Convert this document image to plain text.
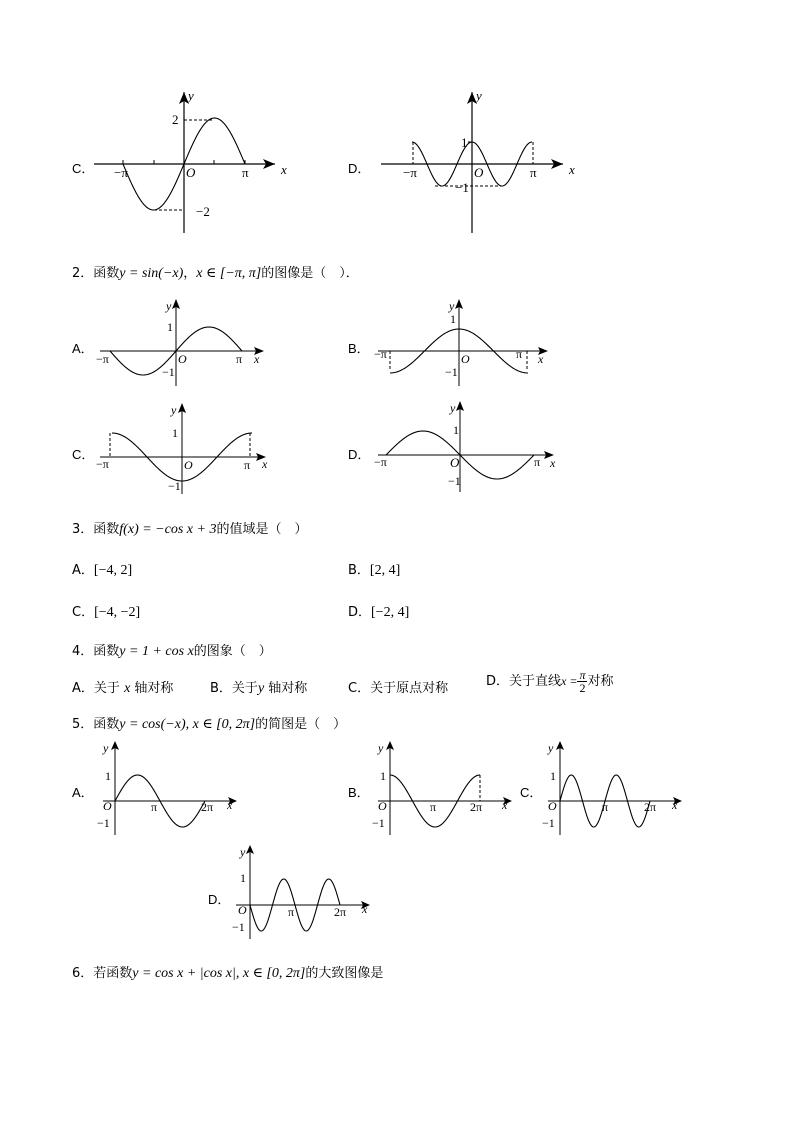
C．
y
x
O
2
−2
−π	π	D．
y
x
O
1
−1
−π	π
2．函数y = sin(−x)，x ∈ [−π, π]的图像是（　）．
A．
y
x
O
1
−1
−π	π
B．
y
x
O
1
−1
−π	π
C．
y
x
O
1
−1
−π	π
D．
y
x
O
1
−1
−π	π
3．函数f(x) = −cos x + 3的值域是（　）
A．[−4, 2]	B．[2, 4]
C．[−4, −2]	D．[−2, 4]
4．函数y = 1 + cos x的图象（　）
A．关于 x 轴对称	B．关于y 轴对称	C．关于原点对称	D．关于直线$x = \frac{\pi}{2}$ 对称
5．函数y = cos(−x), x ∈ [0, 2π]的简图是（　）
A．
y
x
O
1
−1
π	2π
B．
y
x
O
1
−1
π	2π
C．
y
x
O
1
−1
π	2π
D．
y
x
O
1
−1
π	2π
6．若函数y = cos x + |cos x|, x ∈ [0, 2π]的大致图像是
